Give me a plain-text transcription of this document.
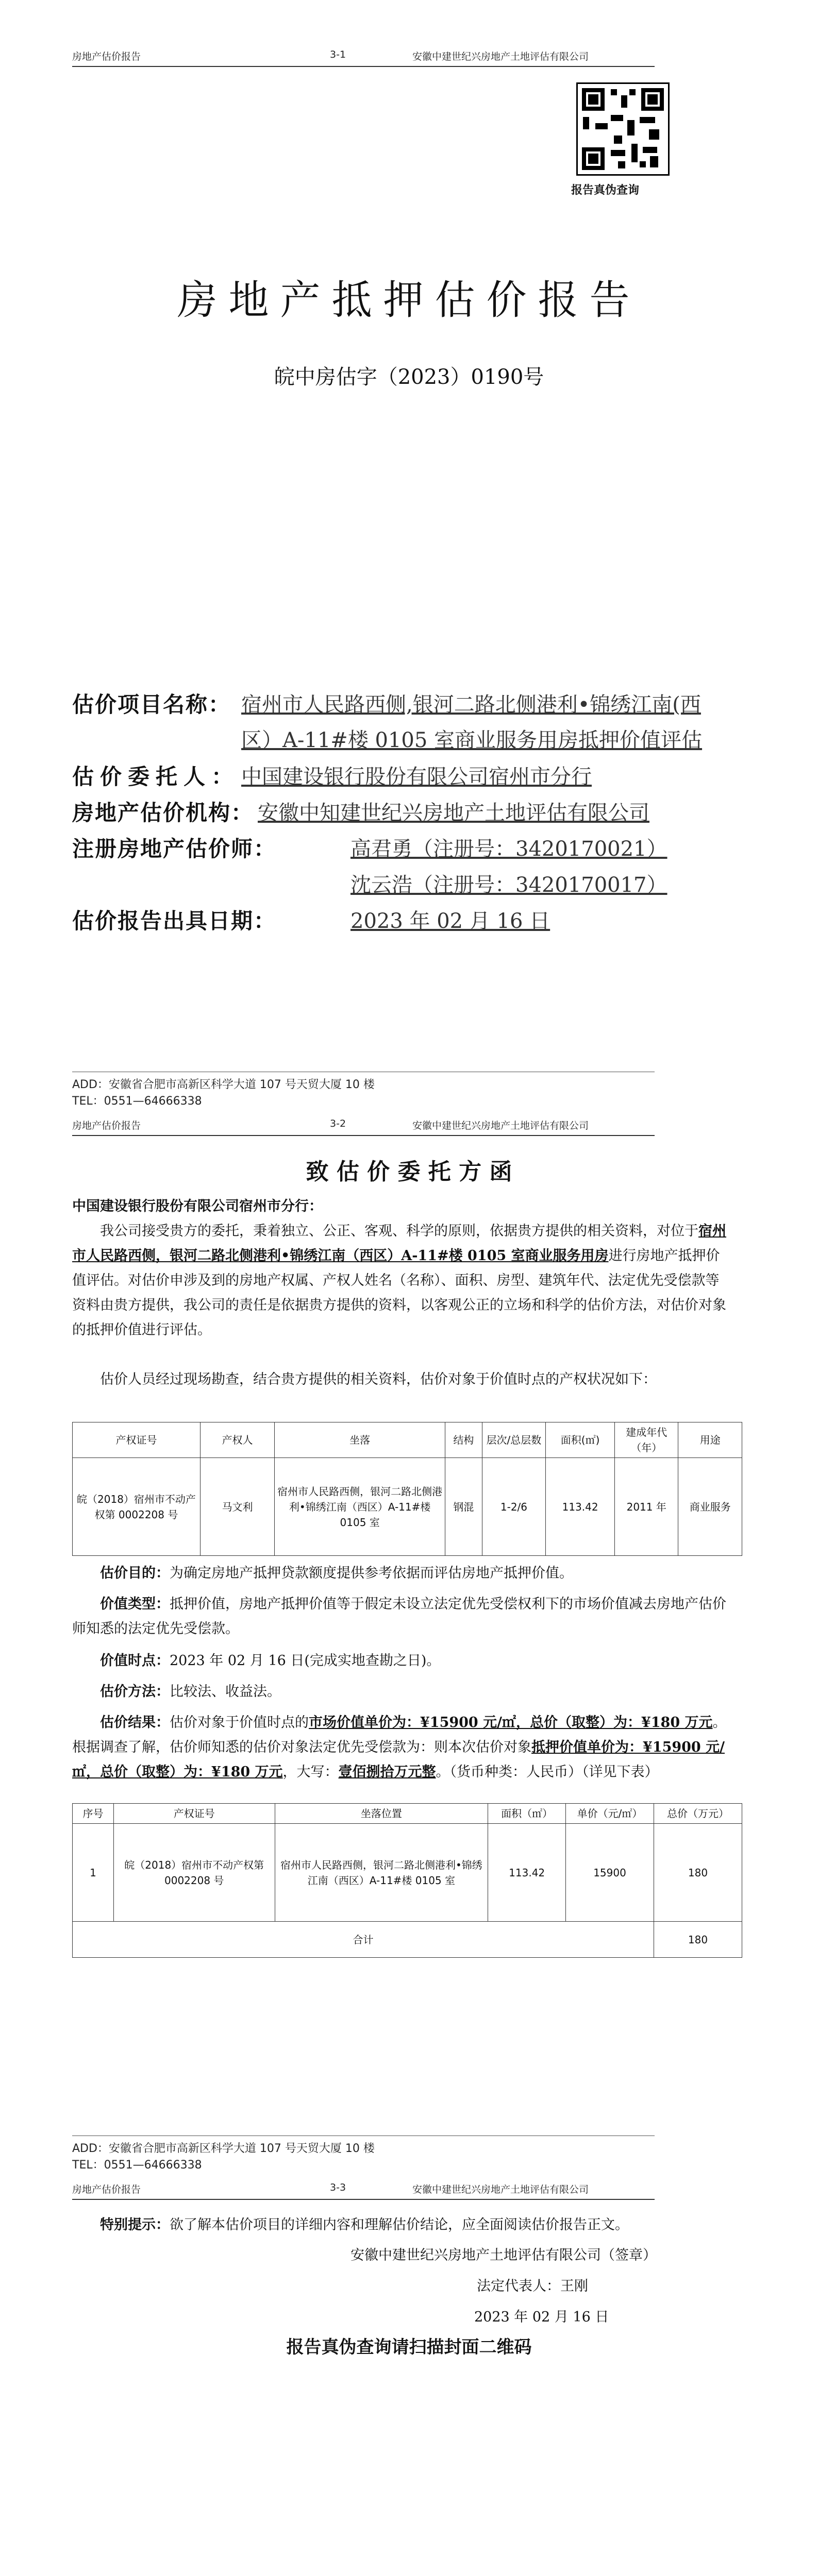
房地产估价报告	3-1	安徽中建世纪兴房地产土地评估有限公司
报告真伪查询
房地产抵押估价报告
皖中房估字（2023）0190号
估价项目名称： 宿州市人民路西侧,银河二路北侧港利•锦绣江南(西
区）A-11#楼 0105 室商业服务用房抵押价值评估
估价委托人： 中国建设银行股份有限公司宿州市分行
房地产估价机构： 安徽中知建世纪兴房地产土地评估有限公司
注册房地产估价师：	高君勇（注册号：3420170021）
沈云浩（注册号：3420170017）
估价报告出具日期：	2023 年 02 月 16 日
ADD：安徽省合肥市高新区科学大道 107 号天贸大厦 10 楼
TEL：0551—64666338
房地产估价报告	3-2	安徽中建世纪兴房地产土地评估有限公司
致 估 价 委 托 方 函
中国建设银行股份有限公司宿州市分行：
我公司接受贵方的委托，秉着独立、公正、客观、科学的原则，依据贵方提供的相关资料，对位于宿州市人民路西侧，银河二路北侧港利•锦绣江南（西区）A-11#楼 0105 室商业服务用房进行房地产抵押价值评估。对估价申涉及到的房地产权属、产权人姓名（名称）、面积、房型、建筑年代、法定优先受偿款等资料由贵方提供，我公司的责任是依据贵方提供的资料，以客观公正的立场和科学的估价方法，对估价对象的抵押价值进行评估。
估价人员经过现场勘查，结合贵方提供的相关资料，估价对象于价值时点的产权状况如下：
产权证号	产权人	坐落	结构	层次/总层数	面积(㎡)	建成年代（年）	用途
皖（2018）宿州市不动产权第 0002208 号	马文利	宿州市人民路西侧，银河二路北侧港利•锦绣江南（西区）A-11#楼 0105 室	钢混	1-2/6	113.42	2011 年	商业服务
估价目的：为确定房地产抵押贷款额度提供参考依据而评估房地产抵押价值。
价值类型：抵押价值，房地产抵押价值等于假定未设立法定优先受偿权利下的市场价值减去房地产估价师知悉的法定优先受偿款。
价值时点：2023 年 02 月 16 日(完成实地查勘之日)。
估价方法：比较法、收益法。
估价结果：估价对象于价值时点的市场价值单价为：¥15900 元/㎡，总价（取整）为：¥180 万元。根据调查了解，估价师知悉的估价对象法定优先受偿款为：则本次估价对象抵押价值单价为：¥15900 元/㎡，总价（取整）为：¥180 万元，大写：壹佰捌拾万元整。（货币种类：人民币）（详见下表）
序号	产权证号	坐落位置	面积（㎡）	单价（元/㎡）	总价（万元）
1	皖（2018）宿州市不动产权第 0002208 号	宿州市人民路西侧，银河二路北侧港利•锦绣江南（西区）A-11#楼 0105 室	113.42	15900	180
合计					180
ADD：安徽省合肥市高新区科学大道 107 号天贸大厦 10 楼
TEL：0551—64666338
房地产估价报告	3-3	安徽中建世纪兴房地产土地评估有限公司
特别提示：欲了解本估价项目的详细内容和理解估价结论，应全面阅读估价报告正文。
安徽中建世纪兴房地产土地评估有限公司（签章）
法定代表人：王刚
2023 年 02 月 16 日
报告真伪查询请扫描封面二维码
